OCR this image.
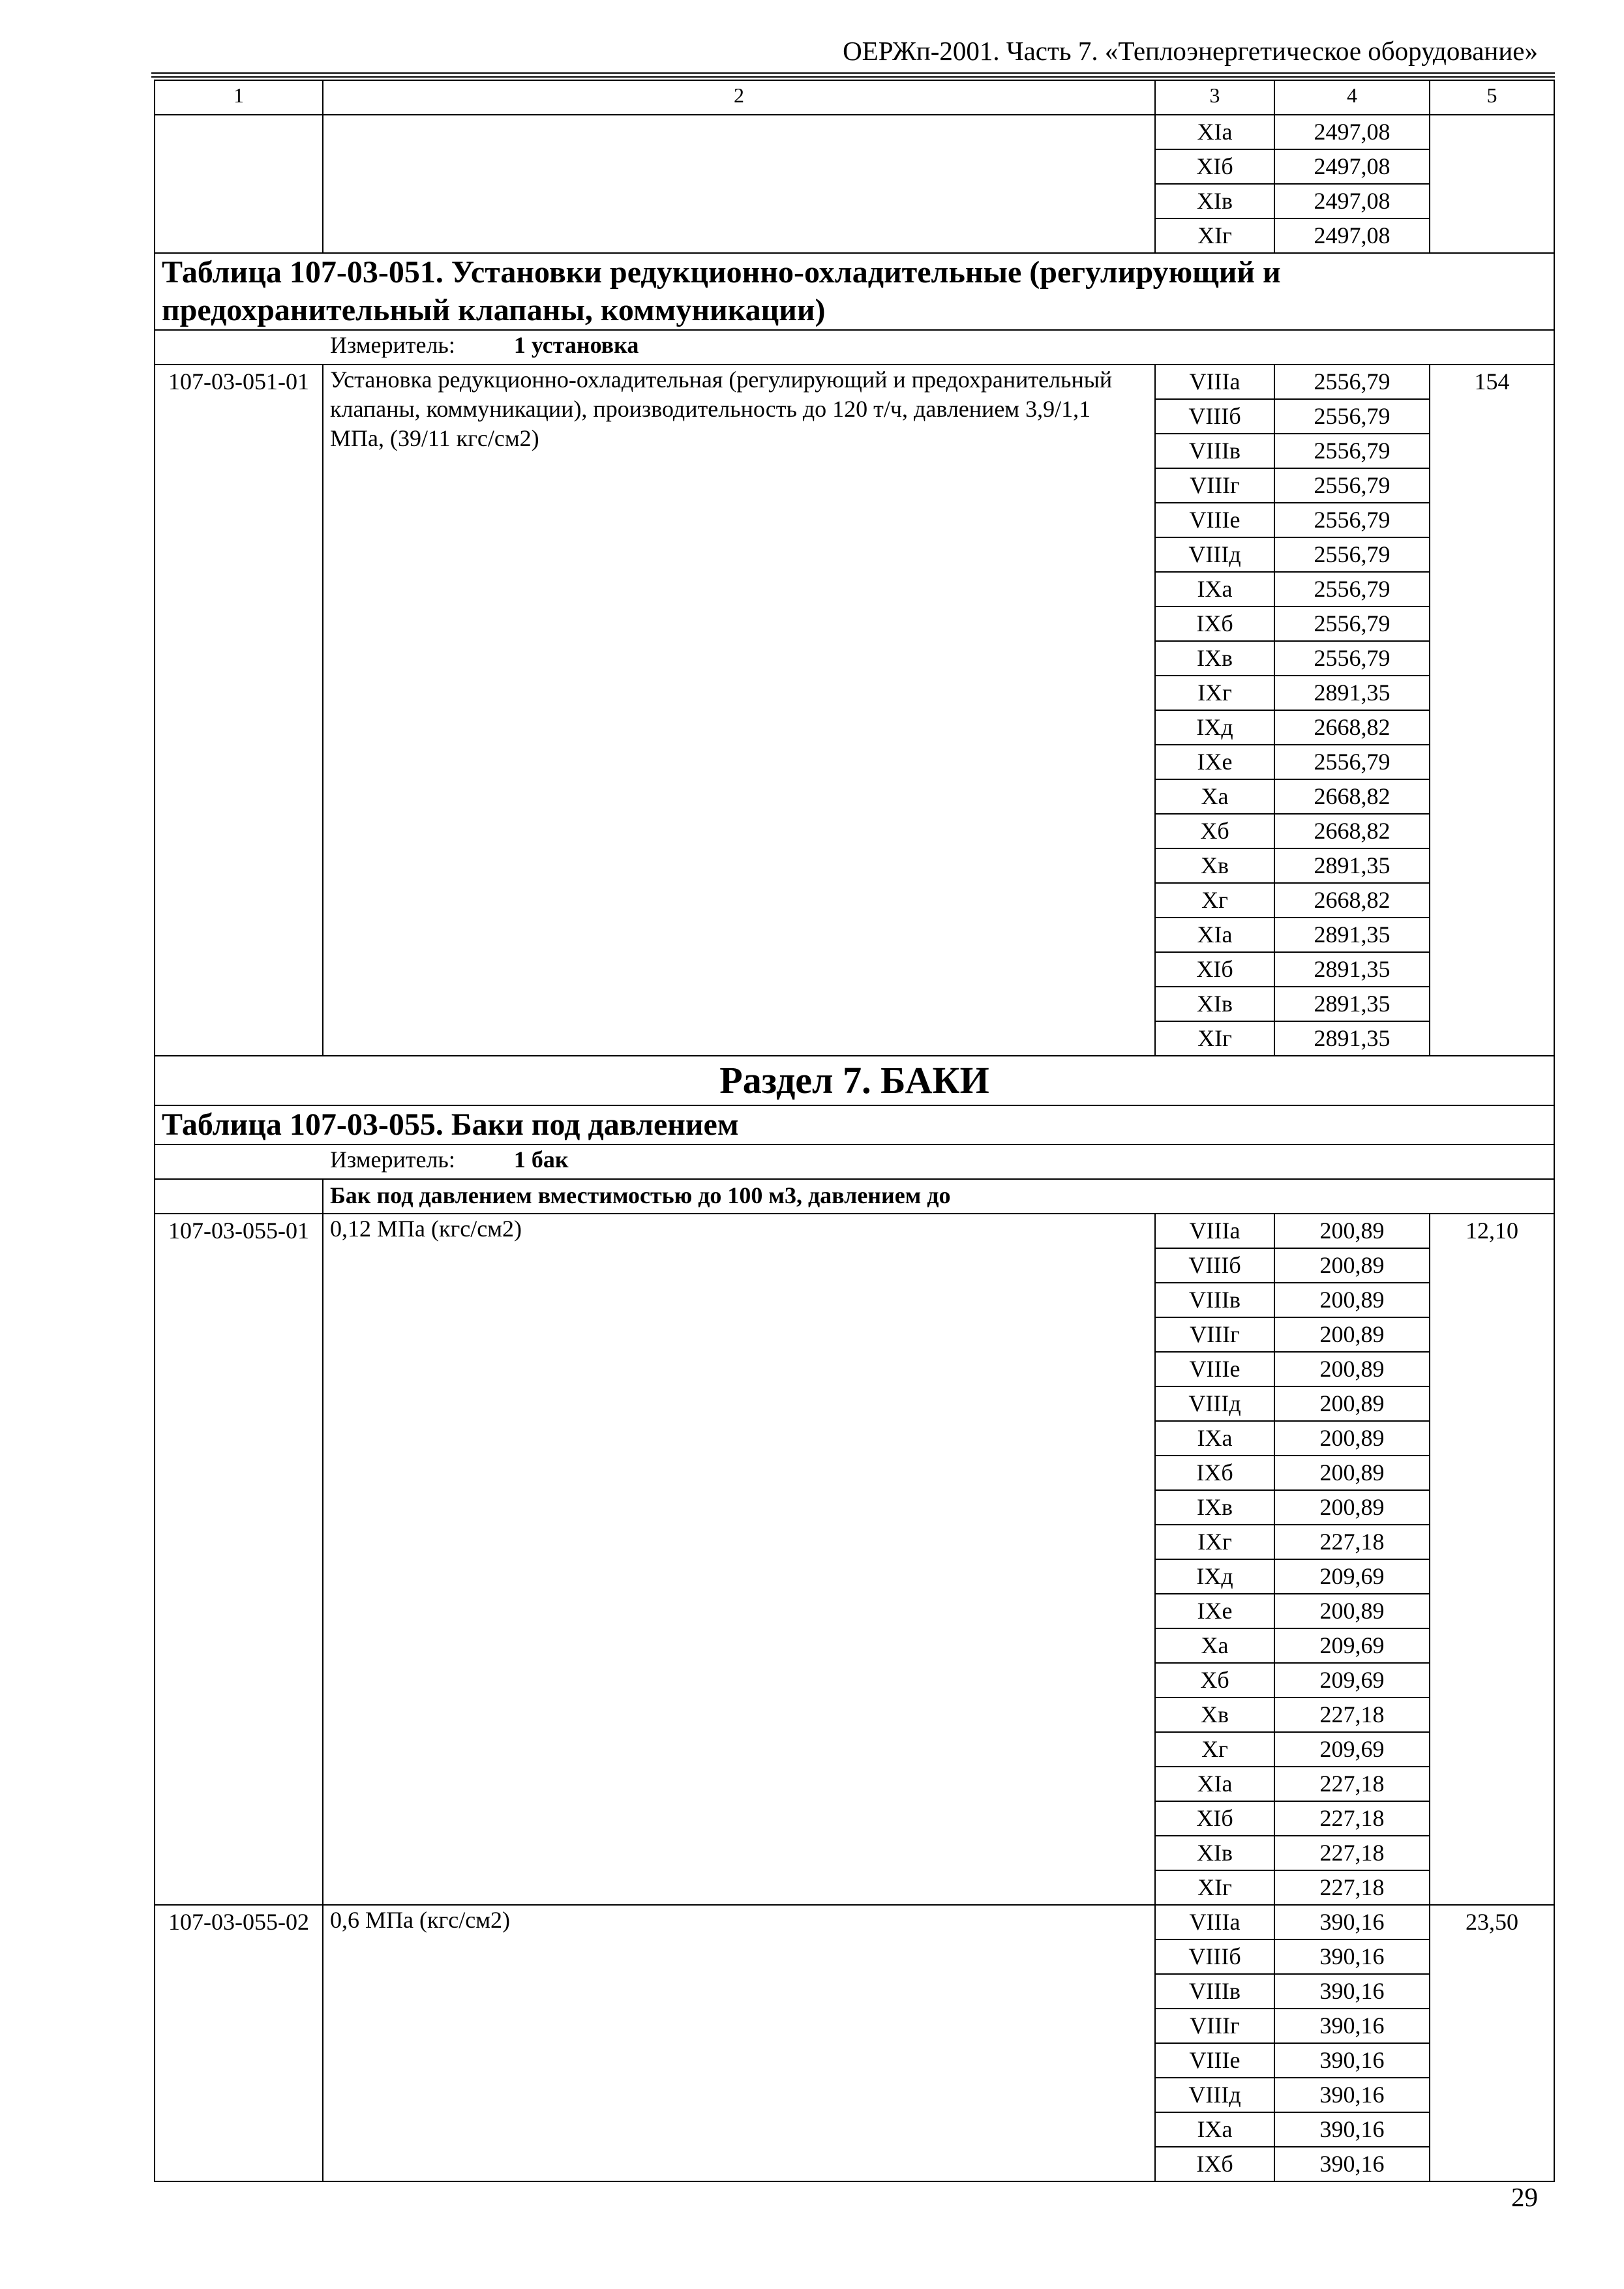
ОЕРЖп-2001. Часть 7. «Теплоэнергетическое оборудование»
1	2	3	4	5
		XIа	2497,08	
		XIб	2497,08	
		XIв	2497,08	
		XIг	2497,08	
Таблица 107-03-051. Установки редукционно-охладительные (регулирующий и предохранительный клапаны, коммуникации)				
Измеритель: 1 установка				
107-03-051-01	Установка редукционно-охладительная (регулирующий и предохранительный клапаны, коммуникации), производительность до 120 т/ч, давлением 3,9/1,1 МПа, (39/11 кгс/см2)	VIIIа	2556,79	154
		VIIIб	2556,79	
		VIIIв	2556,79	
		VIIIг	2556,79	
		VIIIе	2556,79	
		VIIIд	2556,79	
		IXа	2556,79	
		IXб	2556,79	
		IXв	2556,79	
		IXг	2891,35	
		IXд	2668,82	
		IXе	2556,79	
		Xа	2668,82	
		Xб	2668,82	
		Xв	2891,35	
		Xг	2668,82	
		XIа	2891,35	
		XIб	2891,35	
		XIв	2891,35	
		XIг	2891,35	
Раздел 7. БАКИ				
Таблица 107-03-055. Баки под давлением				
Измеритель: 1 бак				
	Бак под давлением вместимостью до 100 м3, давлением до			
107-03-055-01	0,12 МПа (кгс/см2)	VIIIа	200,89	12,10
		VIIIб	200,89	
		VIIIв	200,89	
		VIIIг	200,89	
		VIIIе	200,89	
		VIIIд	200,89	
		IXа	200,89	
		IXб	200,89	
		IXв	200,89	
		IXг	227,18	
		IXд	209,69	
		IXе	200,89	
		Xа	209,69	
		Xб	209,69	
		Xв	227,18	
		Xг	209,69	
		XIа	227,18	
		XIб	227,18	
		XIв	227,18	
		XIг	227,18	
107-03-055-02	0,6 МПа (кгс/см2)	VIIIа	390,16	23,50
		VIIIб	390,16	
		VIIIв	390,16	
		VIIIг	390,16	
		VIIIе	390,16	
		VIIIд	390,16	
		IXа	390,16	
		IXб	390,16	
29
